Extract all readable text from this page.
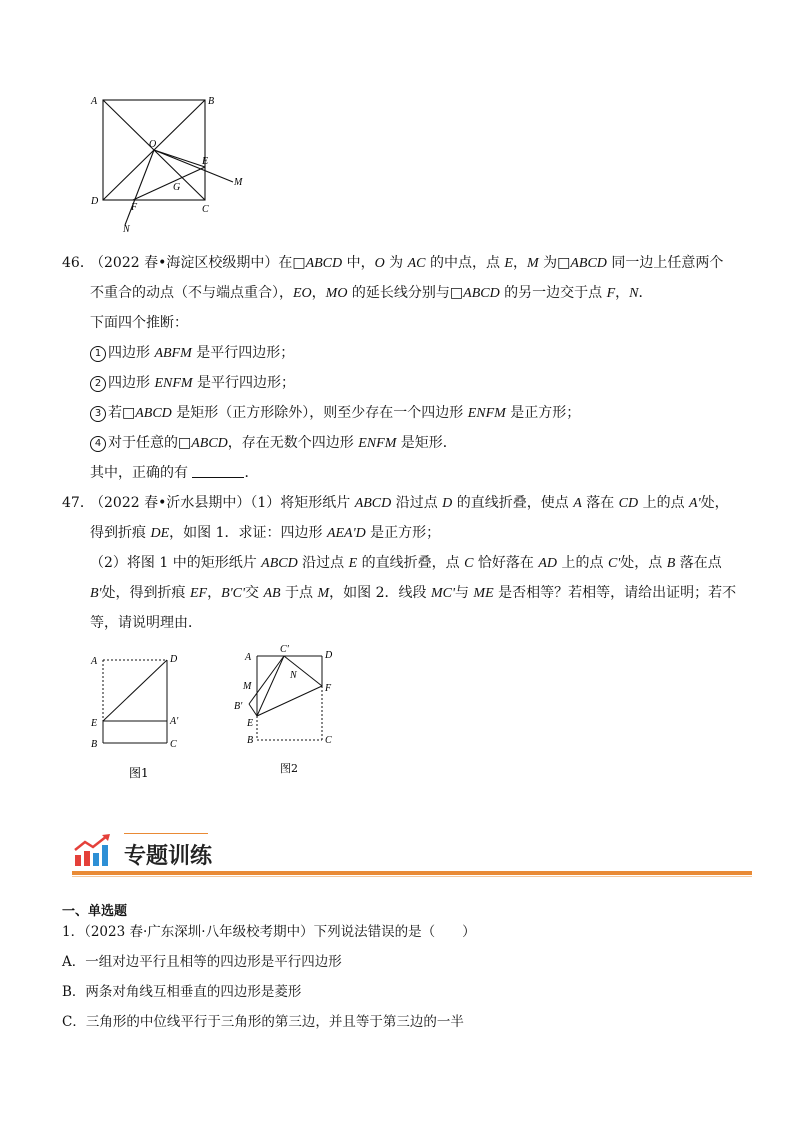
A	B
C
D
O
E
G	M
F
N
46．
（2022 春•海淀区校级期中）在□ABCD 中，O 为 AC 的中点，点 E，M 为□ABCD 同一边上任意两个
不重合的动点（不与端点重合），EO，MO 的延长线分别与□ABCD 的另一边交于点 F，N．
下面四个推断：
1 四边形 ABFM 是平行四边形；
2 四边形 ENFM 是平行四边形；
3 若□ABCD 是矩形（正方形除外），则至少存在一个四边形 ENFM 是正方形；
4 对于任意的□ABCD，存在无数个四边形 ENFM 是矩形．
其中，正确的有	．
47．
（2022 春•沂水县期中）（1）将矩形纸片 ABCD 沿过点 D 的直线折叠，使点 A 落在 CD 上的点 A'处，
得到折痕 DE，如图 1．求证：四边形 AEA'D 是正方形；
（2）将图 1 中的矩形纸片 ABCD 沿过点 E 的直线折叠，点 C 恰好落在 AD 上的点 C'处，点 B 落在点
B'处，得到折痕 EF，B'C'交 AB 于点 M，如图 2．线段 MC'与 ME 是否相等？若相等，请给出证明；若不
等，请说明理由．
A	D
E	A'
B	C
图1
A
C'
D
N
M	F
B'
E
B	C
图2
专题训练
一、单选题
1．（2023 春·广东深圳·八年级校考期中）下列说法错误的是（　　）
A．一组对边平行且相等的四边形是平行四边形
B．两条对角线互相垂直的四边形是菱形
C．三角形的中位线平行于三角形的第三边，并且等于第三边的一半
